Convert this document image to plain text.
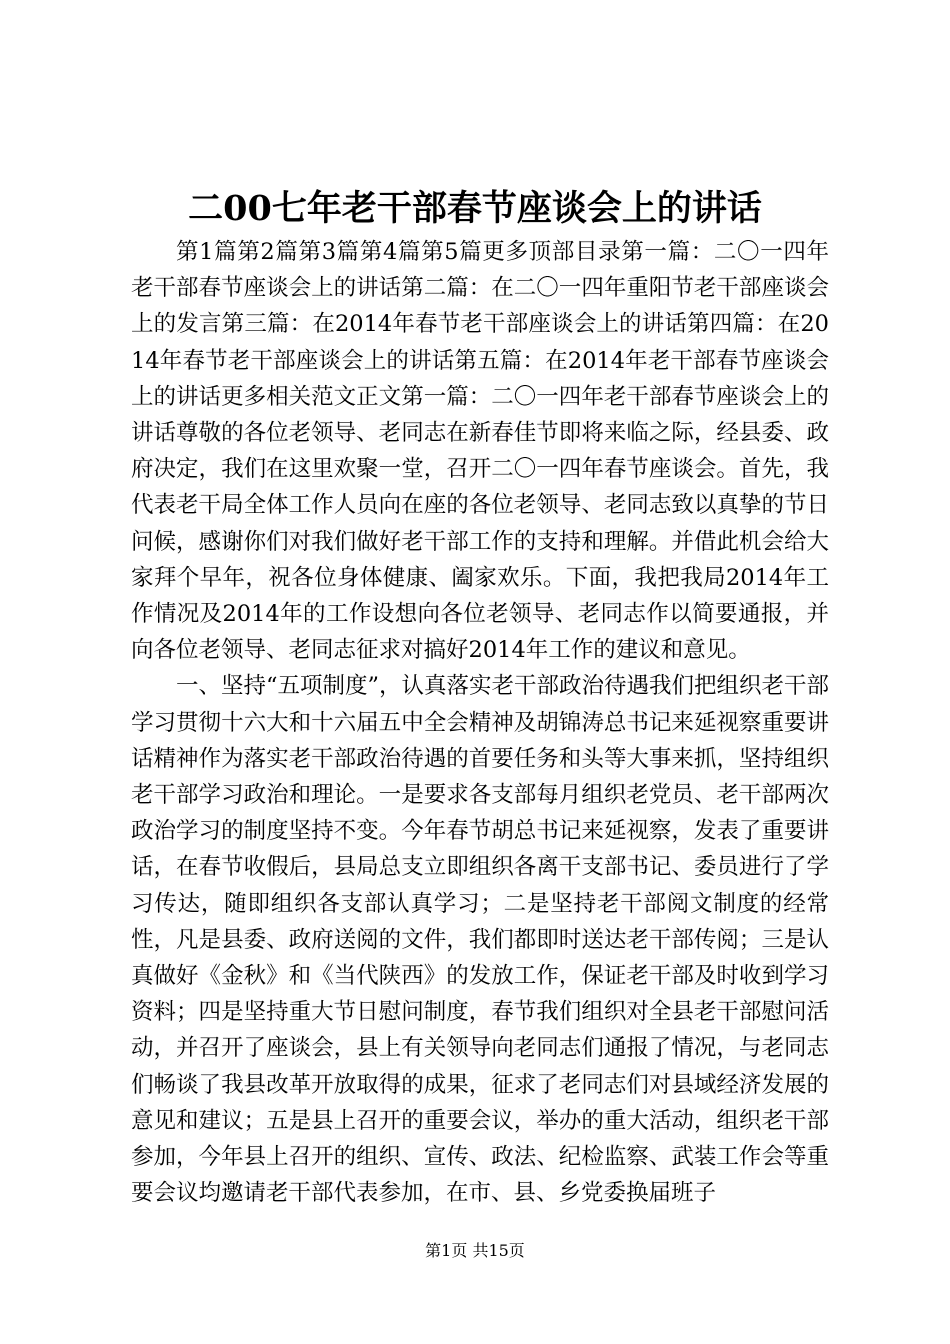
二00七年老干部春节座谈会上的讲话

第1篇第2篇第3篇第4篇第5篇更多顶部目录第一篇：二〇一四年老干部春节座谈会上的讲话第二篇：在二〇一四年重阳节老干部座谈会上的发言第三篇：在2014年春节老干部座谈会上的讲话第四篇：在2014年春节老干部座谈会上的讲话第五篇：在2014年老干部春节座谈会上的讲话更多相关范文正文第一篇：二〇一四年老干部春节座谈会上的讲话尊敬的各位老领导、老同志在新春佳节即将来临之际，经县委、政府决定，我们在这里欢聚一堂，召开二〇一四年春节座谈会。首先，我代表老干局全体工作人员向在座的各位老领导、老同志致以真挚的节日问候，感谢你们对我们做好老干部工作的支持和理解。并借此机会给大家拜个早年，祝各位身体健康、阖家欢乐。下面，我把我局2014年工作情况及2014年的工作设想向各位老领导、老同志作以简要通报，并向各位老领导、老同志征求对搞好2014年工作的建议和意见。

一、坚持“五项制度”，认真落实老干部政治待遇我们把组织老干部学习贯彻十六大和十六届五中全会精神及胡锦涛总书记来延视察重要讲话精神作为落实老干部政治待遇的首要任务和头等大事来抓，坚持组织老干部学习政治和理论。一是要求各支部每月组织老党员、老干部两次政治学习的制度坚持不变。今年春节胡总书记来延视察，发表了重要讲话，在春节收假后，县局总支立即组织各离干支部书记、委员进行了学习传达，随即组织各支部认真学习；二是坚持老干部阅文制度的经常性，凡是县委、政府送阅的文件，我们都即时送达老干部传阅；三是认真做好《金秋》和《当代陕西》的发放工作，保证老干部及时收到学习资料；四是坚持重大节日慰问制度，春节我们组织对全县老干部慰问活动，并召开了座谈会，县上有关领导向老同志们通报了情况，与老同志们畅谈了我县改革开放取得的成果，征求了老同志们对县域经济发展的意见和建议；五是县上召开的重要会议，举办的重大活动，组织老干部参加，今年县上召开的组织、宣传、政法、纪检监察、武装工作会等重要会议均邀请老干部代表参加，在市、县、乡党委换届班子

第1页 共15页
